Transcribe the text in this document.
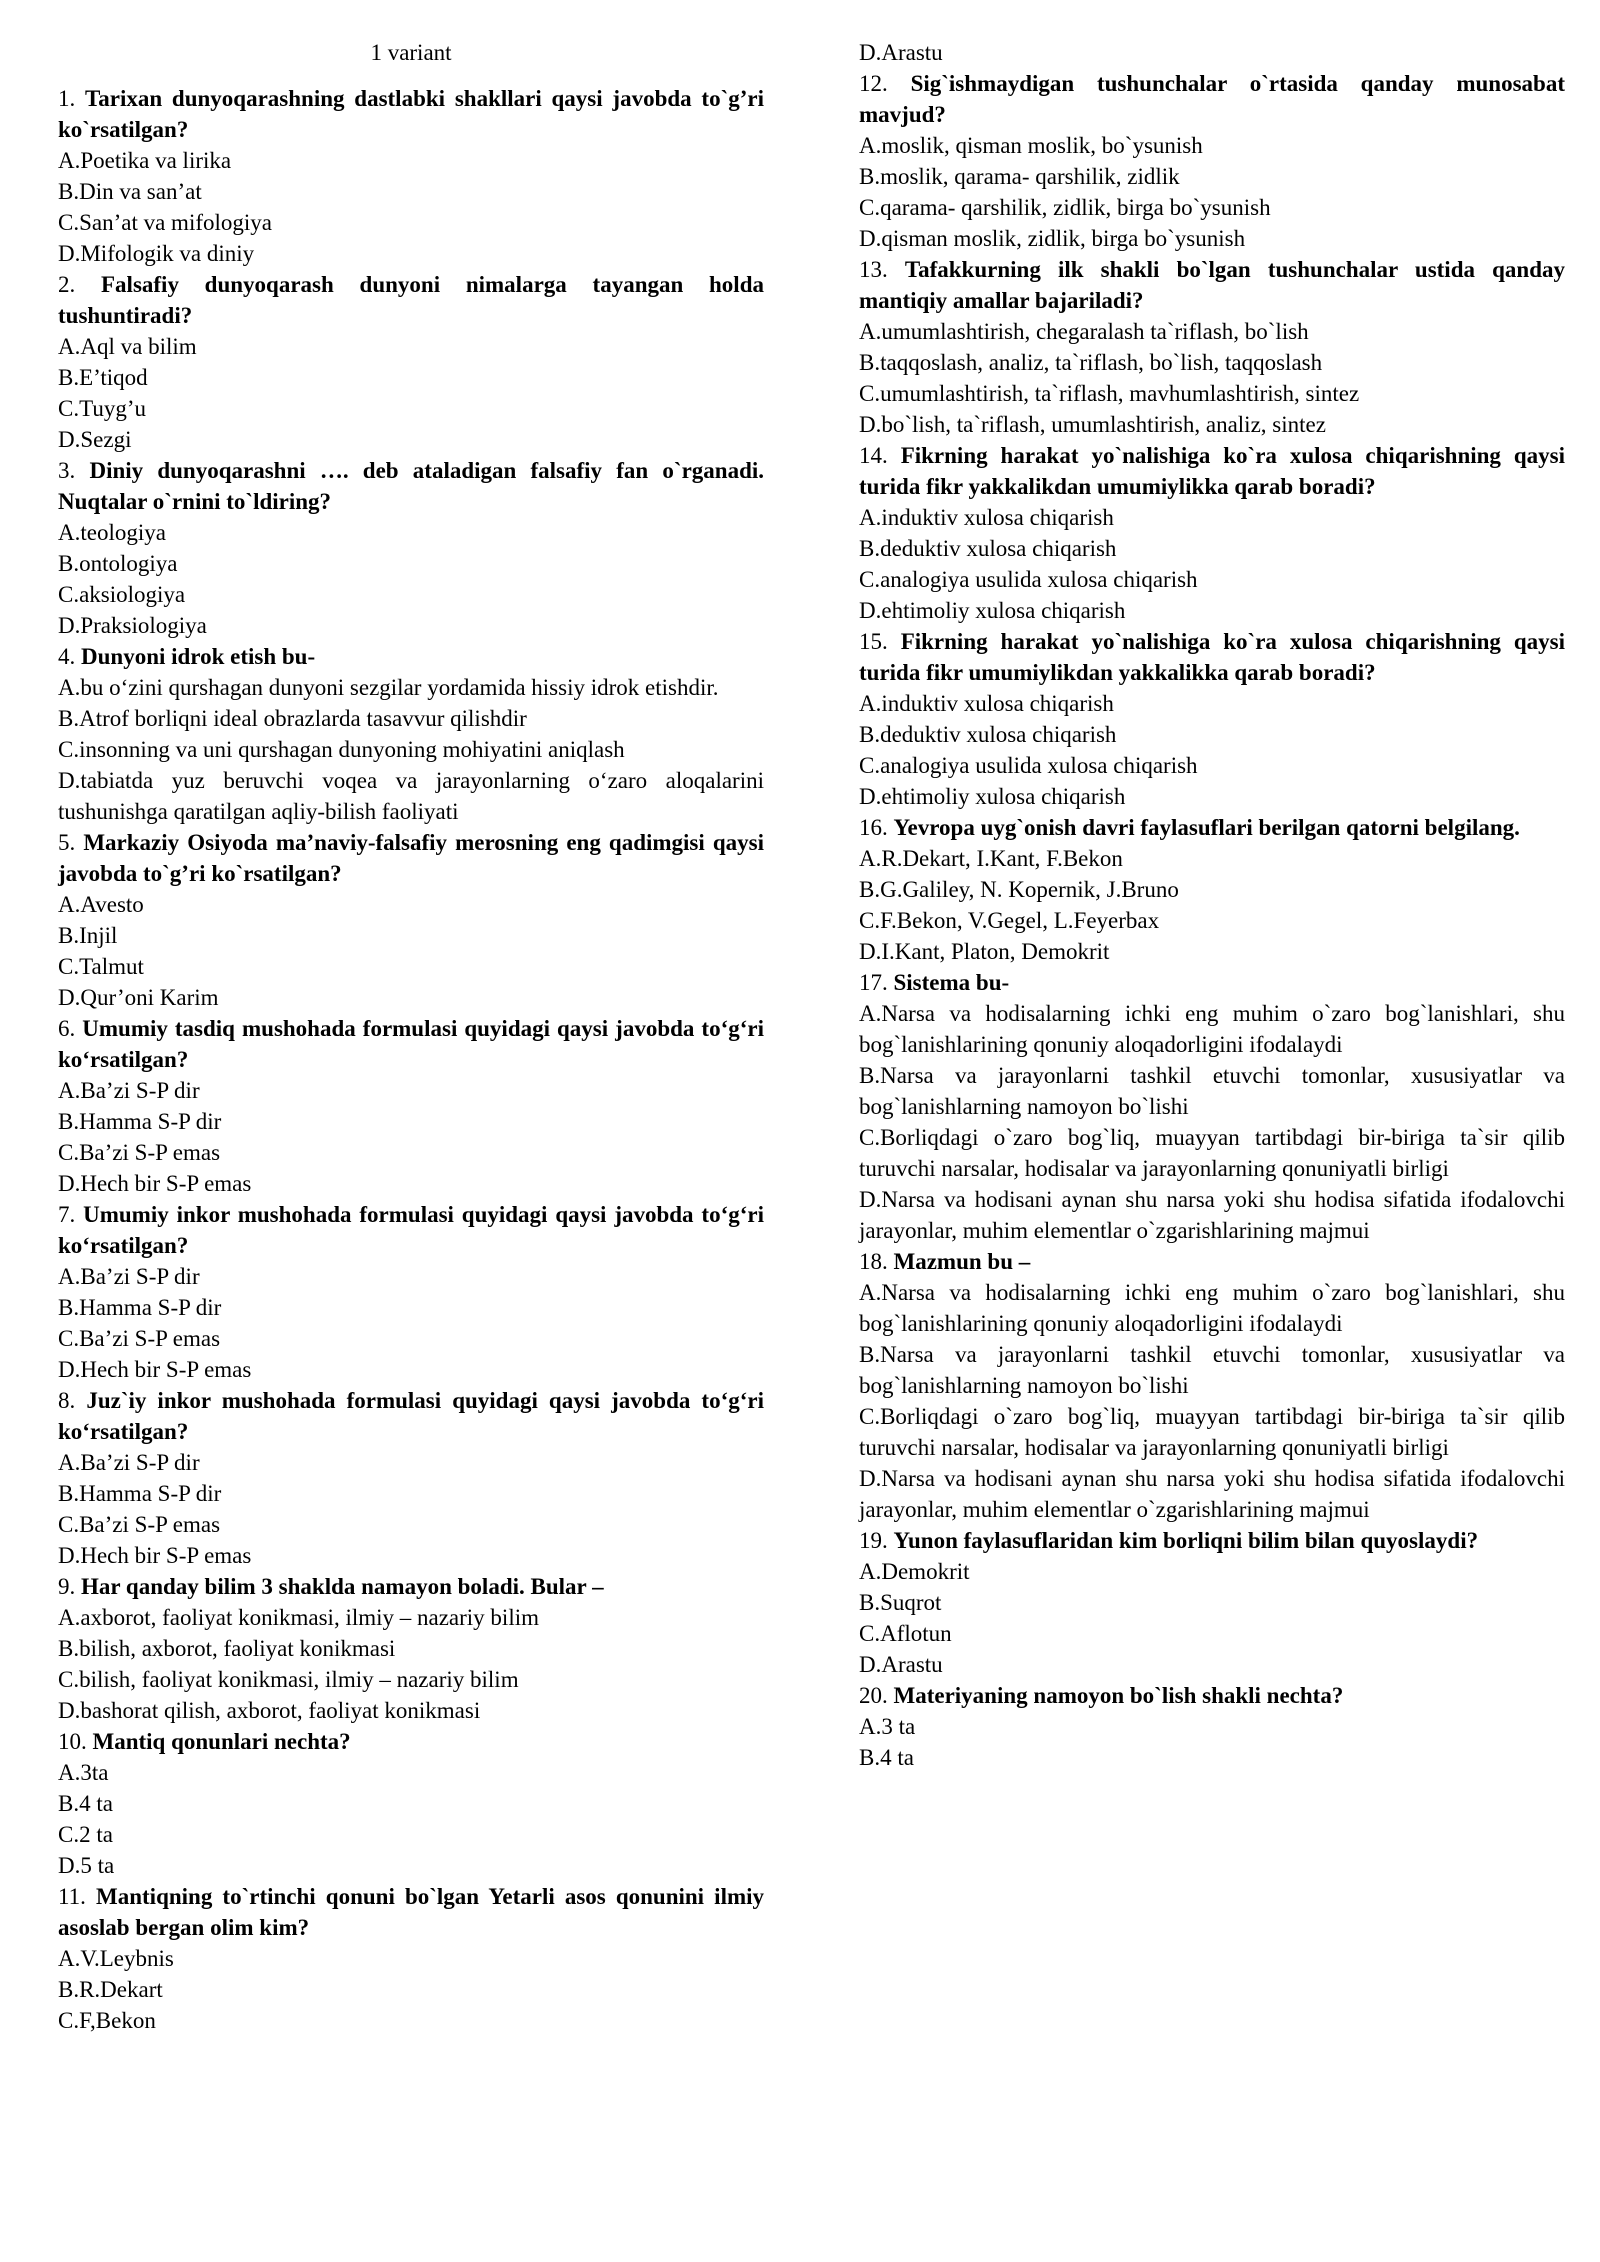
1 variant
1. Tarixan dunyoqarashning dastlabki shakllari qaysi javobda to`g’ri ko`rsatilgan?
A.Poetika va lirika
B.Din va san’at
C.San’at va mifologiya
D.Mifologik va diniy
2. Falsafiy dunyoqarash dunyoni nimalarga tayangan holda tushuntiradi?
A.Aql va bilim
B.E’tiqod
C.Tuyg’u
D.Sezgi
3. Diniy dunyoqarashni …. deb ataladigan falsafiy fan o`rganadi. Nuqtalar o`rnini to`ldiring?
A.teologiya
B.ontologiya
C.aksiologiya
D.Praksiologiya
4. Dunyoni idrok etish bu-
A.bu o‘zini qurshagan dunyoni sezgilar yordamida hissiy idrok etishdir.
B.Atrof borliqni ideal obrazlarda tasavvur qilishdir
C.insonning va uni qurshagan dunyoning mohiyatini aniqlash
D.tabiatda yuz beruvchi voqea va jarayonlarning o‘zaro aloqalarini tushunishga qaratilgan aqliy-bilish faoliyati
5. Markaziy Osiyoda ma’naviy-falsafiy merosning eng qadimgisi qaysi javobda to`g’ri ko`rsatilgan?
A.Avesto
B.Injil
C.Talmut
D.Qur’oni Karim
6. Umumiy tasdiq mushohada formulasi quyidagi qaysi javobda to‘g‘ri ko‘rsatilgan?
A.Ba’zi S-P dir
B.Hamma S-P dir
C.Ba’zi S-P emas
D.Hech bir S-P emas
7. Umumiy inkor mushohada formulasi quyidagi qaysi javobda to‘g‘ri ko‘rsatilgan?
A.Ba’zi S-P dir
B.Hamma S-P dir
C.Ba’zi S-P emas
D.Hech bir S-P emas
8. Juz`iy inkor mushohada formulasi quyidagi qaysi javobda to‘g‘ri ko‘rsatilgan?
A.Ba’zi S-P dir
B.Hamma S-P dir
C.Ba’zi S-P emas
D.Hech bir S-P emas
9. Har qanday bilim 3 shaklda namayon boladi. Bular –
A.axborot, faoliyat konikmasi, ilmiy – nazariy bilim
B.bilish, axborot, faoliyat konikmasi
C.bilish, faoliyat konikmasi, ilmiy – nazariy bilim
D.bashorat qilish, axborot, faoliyat konikmasi
10. Mantiq qonunlari nechta?
A.3ta
B.4 ta
C.2 ta
D.5 ta
11. Mantiqning to`rtinchi qonuni bo`lgan Yetarli asos qonunini ilmiy asoslab bergan olim kim?
A.V.Leybnis
B.R.Dekart
C.F,Bekon
D.Arastu
12. Sig`ishmaydigan tushunchalar o`rtasida qanday munosabat mavjud?
A.moslik, qisman moslik, bo`ysunish
B.moslik, qarama- qarshilik, zidlik
C.qarama- qarshilik, zidlik, birga bo`ysunish
D.qisman moslik, zidlik, birga bo`ysunish
13. Tafakkurning ilk shakli bo`lgan tushunchalar ustida qanday mantiqiy amallar bajariladi?
A.umumlashtirish, chegaralash ta`riflash, bo`lish
B.taqqoslash, analiz, ta`riflash, bo`lish, taqqoslash
C.umumlashtirish, ta`riflash, mavhumlashtirish, sintez
D.bo`lish, ta`riflash, umumlashtirish, analiz, sintez
14. Fikrning harakat yo`nalishiga ko`ra xulosa chiqarishning qaysi turida fikr yakkalikdan umumiylikka qarab boradi?
A.induktiv xulosa chiqarish
B.deduktiv xulosa chiqarish
C.analogiya usulida xulosa chiqarish
D.ehtimoliy xulosa chiqarish
15. Fikrning harakat yo`nalishiga ko`ra xulosa chiqarishning qaysi turida fikr umumiylikdan yakkalikka qarab boradi?
A.induktiv xulosa chiqarish
B.deduktiv xulosa chiqarish
C.analogiya usulida xulosa chiqarish
D.ehtimoliy xulosa chiqarish
16. Yevropa uyg`onish davri faylasuflari berilgan qatorni belgilang.
A.R.Dekart, I.Kant, F.Bekon
B.G.Galiley, N. Kopernik, J.Bruno
C.F.Bekon, V.Gegel, L.Feyerbax
D.I.Kant, Platon, Demokrit
17. Sistema bu-
A.Narsa va hodisalarning ichki eng muhim o`zaro bog`lanishlari, shu bog`lanishlarining qonuniy aloqadorligini ifodalaydi
B.Narsa va jarayonlarni tashkil etuvchi tomonlar, xususiyatlar va bog`lanishlarning namoyon bo`lishi
C.Borliqdagi o`zaro bog`liq, muayyan tartibdagi bir-biriga ta`sir qilib turuvchi narsalar, hodisalar va jarayonlarning qonuniyatli birligi
D.Narsa va hodisani aynan shu narsa yoki shu hodisa sifatida ifodalovchi jarayonlar, muhim elementlar o`zgarishlarining majmui
18. Mazmun bu –
A.Narsa va hodisalarning ichki eng muhim o`zaro bog`lanishlari, shu bog`lanishlarining qonuniy aloqadorligini ifodalaydi
B.Narsa va jarayonlarni tashkil etuvchi tomonlar, xususiyatlar va bog`lanishlarning namoyon bo`lishi
C.Borliqdagi o`zaro bog`liq, muayyan tartibdagi bir-biriga ta`sir qilib turuvchi narsalar, hodisalar va jarayonlarning qonuniyatli birligi
D.Narsa va hodisani aynan shu narsa yoki shu hodisa sifatida ifodalovchi jarayonlar, muhim elementlar o`zgarishlarining majmui
19. Yunon faylasuflaridan kim borliqni bilim bilan quyoslaydi?
A.Demokrit
B.Suqrot
C.Aflotun
D.Arastu
20. Materiyaning namoyon bo`lish shakli nechta?
A.3 ta
B.4 ta
